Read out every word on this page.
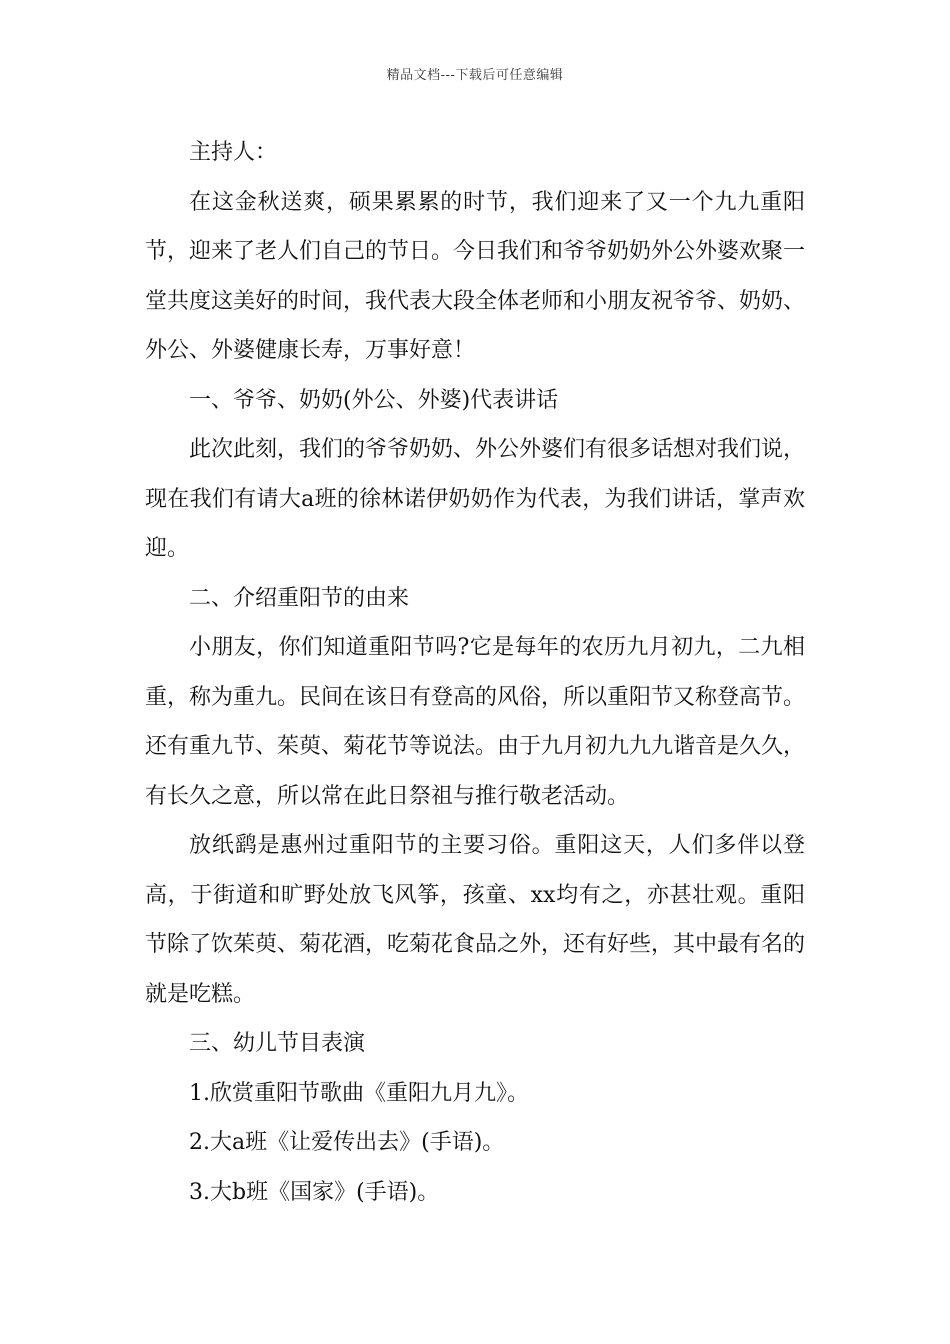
精品文档---下载后可任意编辑

主持人：

在这金秋送爽，硕果累累的时节，我们迎来了又一个九九重阳节，迎来了老人们自己的节日。今日我们和爷爷奶奶外公外婆欢聚一堂共度这美好的时间，我代表大段全体老师和小朋友祝爷爷、奶奶、外公、外婆健康长寿，万事好意！

一、爷爷、奶奶(外公、外婆)代表讲话

此次此刻，我们的爷爷奶奶、外公外婆们有很多话想对我们说，现在我们有请大a班的徐林诺伊奶奶作为代表，为我们讲话，掌声欢迎。

二、介绍重阳节的由来

小朋友，你们知道重阳节吗?它是每年的农历九月初九，二九相重，称为重九。民间在该日有登高的风俗，所以重阳节又称登高节。还有重九节、茱萸、菊花节等说法。由于九月初九九九谐音是久久，有长久之意，所以常在此日祭祖与推行敬老活动。

放纸鹞是惠州过重阳节的主要习俗。重阳这天，人们多伴以登高，于街道和旷野处放飞风筝，孩童、xx均有之，亦甚壮观。重阳节除了饮茱萸、菊花酒，吃菊花食品之外，还有好些，其中最有名的就是吃糕。

三、幼儿节目表演

1.欣赏重阳节歌曲《重阳九月九》。

2.大a班《让爱传出去》(手语)。

3.大b班《国家》(手语)。
